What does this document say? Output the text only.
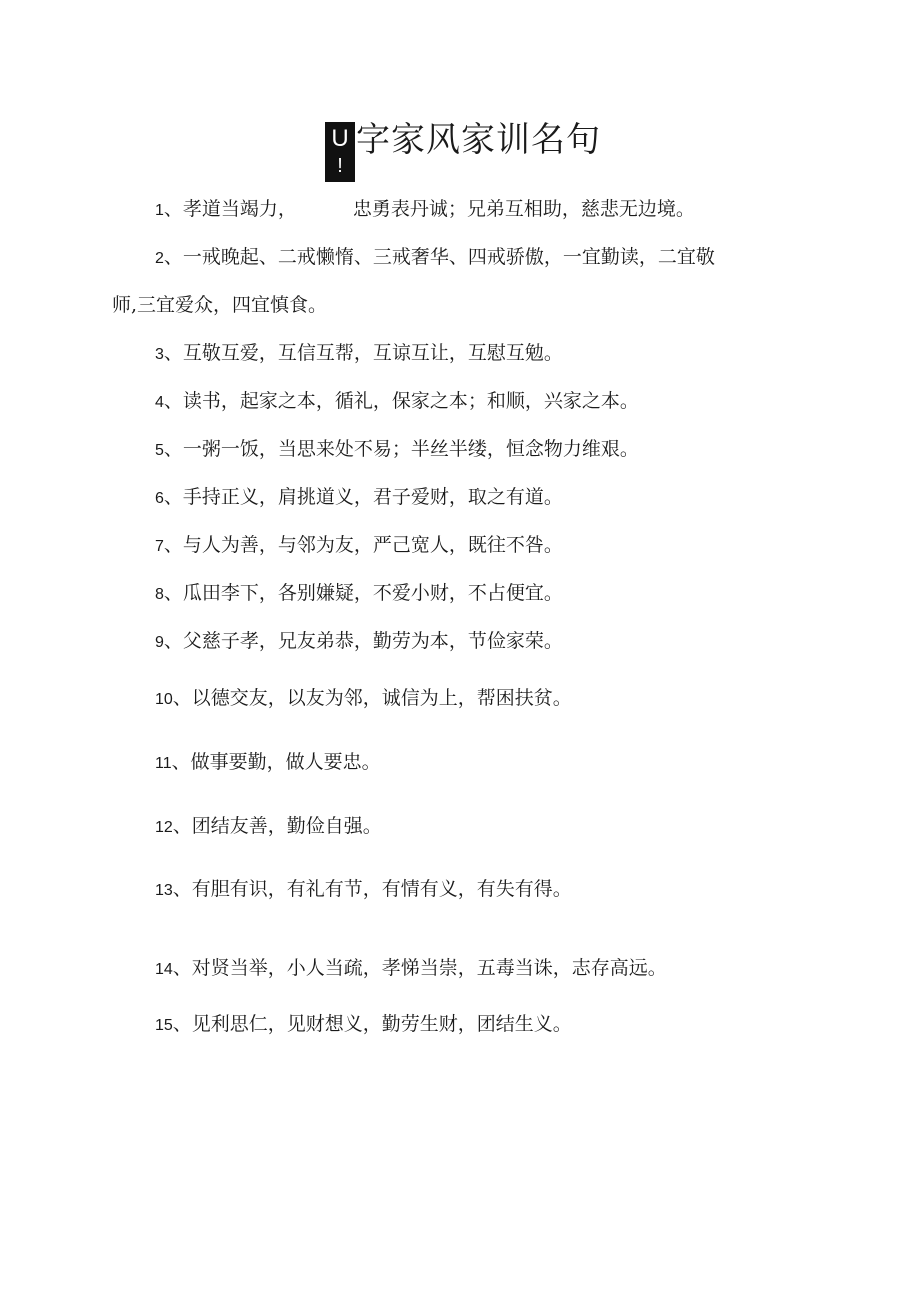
U
!
字家风家训名句
1、孝道当竭力，	忠勇表丹诚；兄弟互相助，慈悲无边境。
2、一戒晚起、二戒懒惰、三戒奢华、四戒骄傲，一宜勤读，二宜敬
师,三宜爱众，四宜慎食。
3、互敬互爱，互信互帮，互谅互让，互慰互勉。
4、读书，起家之本，循礼，保家之本；和顺，兴家之本。
5、一粥一饭，当思来处不易；半丝半缕，恒念物力维艰。
6、手持正义，肩挑道义，君子爱财，取之有道。
7、与人为善，与邻为友，严己宽人，既往不咎。
8、瓜田李下，各别嫌疑，不爱小财，不占便宜。
9、父慈子孝，兄友弟恭，勤劳为本，节俭家荣。
10、以德交友，以友为邻，诚信为上，帮困扶贫。
11、做事要勤，做人要忠。
12、团结友善，勤俭自强。
13、有胆有识，有礼有节，有情有义，有失有得。
14、对贤当举，小人当疏，孝悌当崇，五毒当诛，志存高远。
15、见利思仁，见财想义，勤劳生财，团结生义。
